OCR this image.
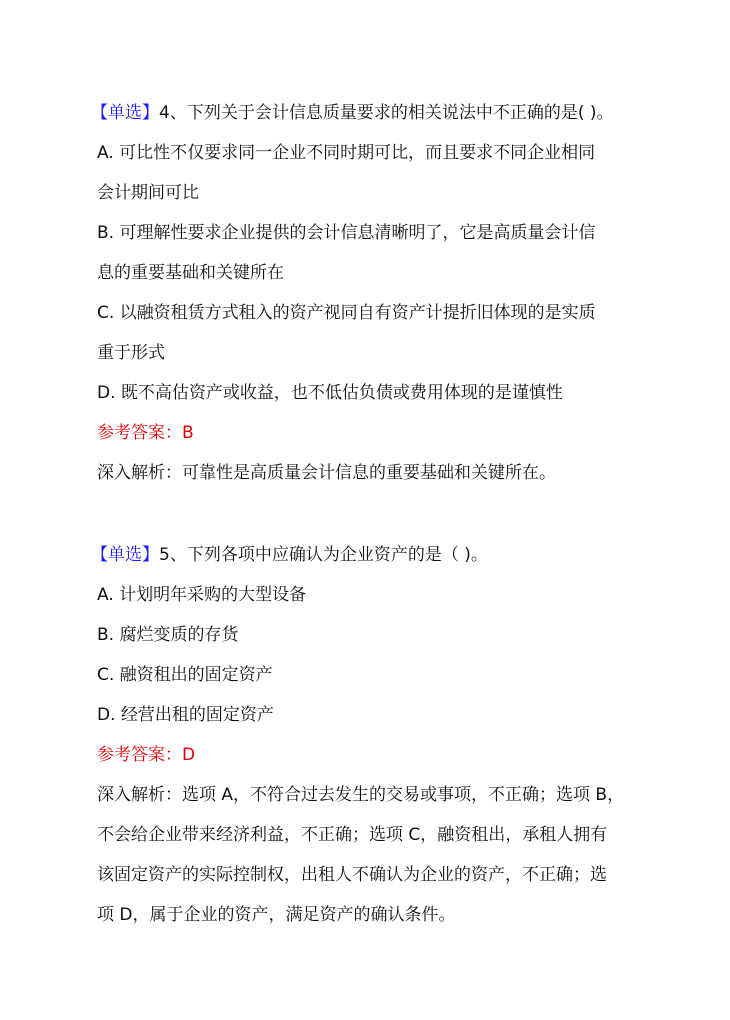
【单选】4、下列关于会计信息质量要求的相关说法中不正确的是( )。
A. 可比性不仅要求同一企业不同时期可比，而且要求不同企业相同
会计期间可比
B. 可理解性要求企业提供的会计信息清晰明了，它是高质量会计信
息的重要基础和关键所在
C. 以融资租赁方式租入的资产视同自有资产计提折旧体现的是实质
重于形式
D. 既不高估资产或收益，也不低估负债或费用体现的是谨慎性
参考答案：B
深入解析：可靠性是高质量会计信息的重要基础和关键所在。
【单选】5、下列各项中应确认为企业资产的是（ )。
A. 计划明年采购的大型设备
B. 腐烂变质的存货
C. 融资租出的固定资产
D. 经营出租的固定资产
参考答案：D
深入解析：选项 A，不符合过去发生的交易或事项，不正确；选项 B，
不会给企业带来经济利益，不正确；选项 C，融资租出，承租人拥有
该固定资产的实际控制权，出租人不确认为企业的资产，不正确；选
项 D，属于企业的资产，满足资产的确认条件。
